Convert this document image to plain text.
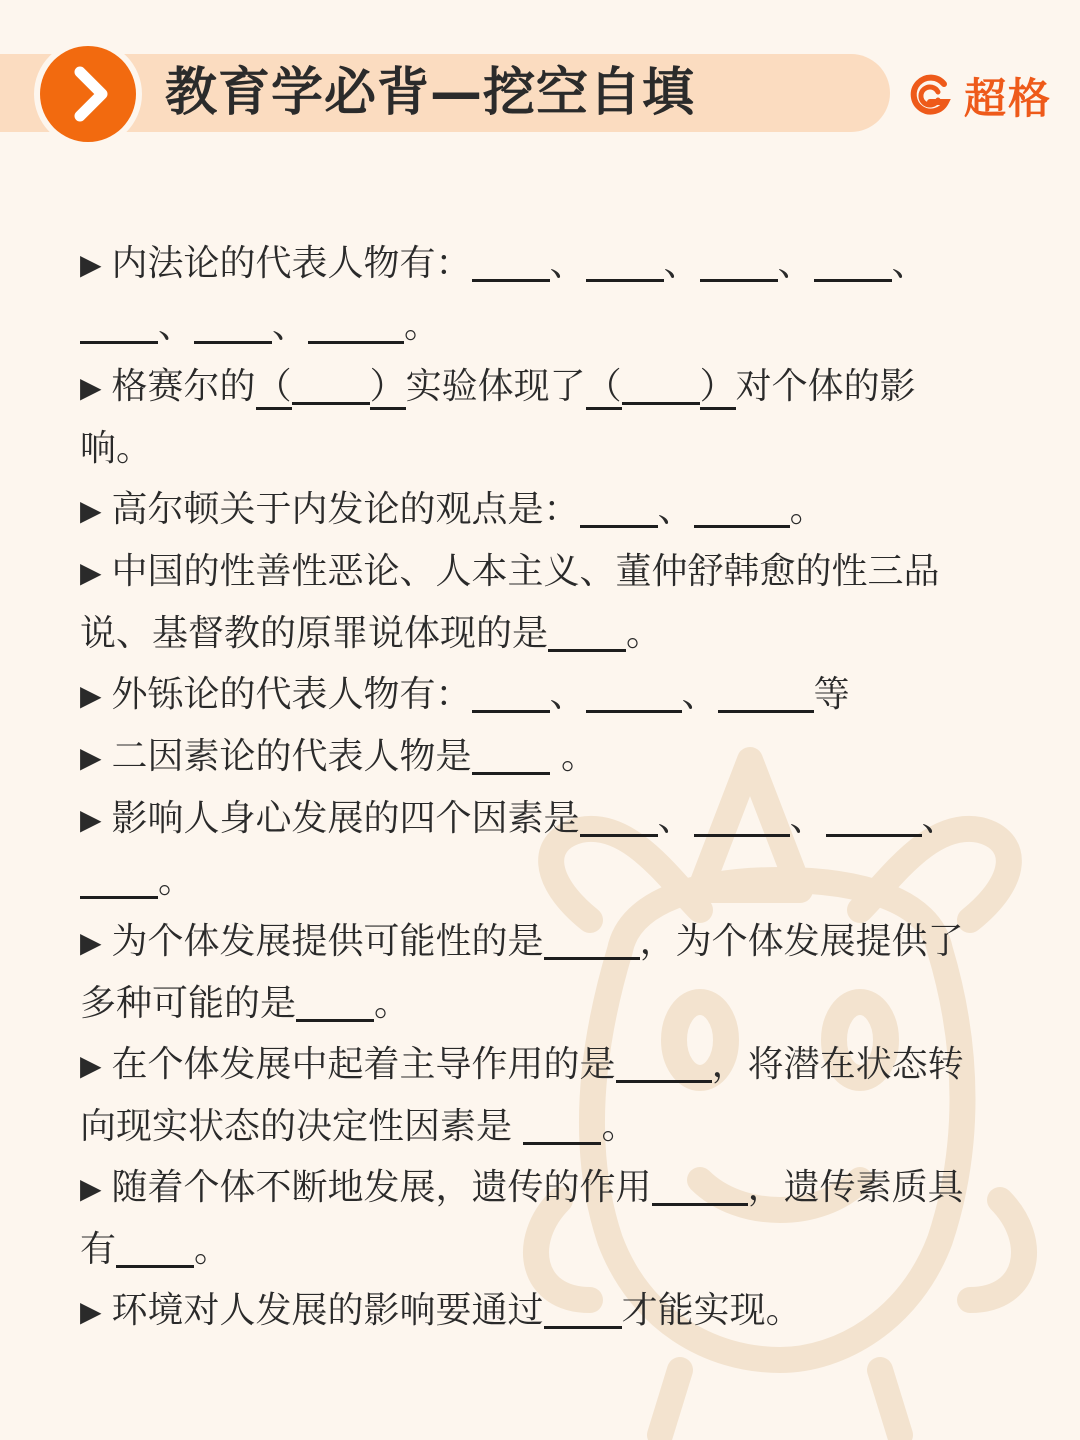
教育学必背—挖空自填	超格

▶ 内法论的代表人物有： 、 、 、 、、 、	。

▶ 格赛尔的（ ）实验体现了（ ）对个体的影响。

▶ 高尔顿关于内发论的观点是： 、	。

▶ 中国的性善性恶论、人本主义、董仲舒韩愈的性三品说、基督教的原罪说体现的是 。

▶ 外铄论的代表人物有： 、	、	等

▶ 二因素论的代表人物是 。

▶ 影响人身心发展的四个因素是 、	、	、。

▶ 为个体发展提供可能性的是	，为个体发展提供了多种可能的是 。

▶ 在个体发展中起着主导作用的是	，将潜在状态转向现实状态的决定性因素是 。

▶ 随着个体不断地发展，遗传的作用	，遗传素质具有 。

▶ 环境对人发展的影响要通过 才能实现。
